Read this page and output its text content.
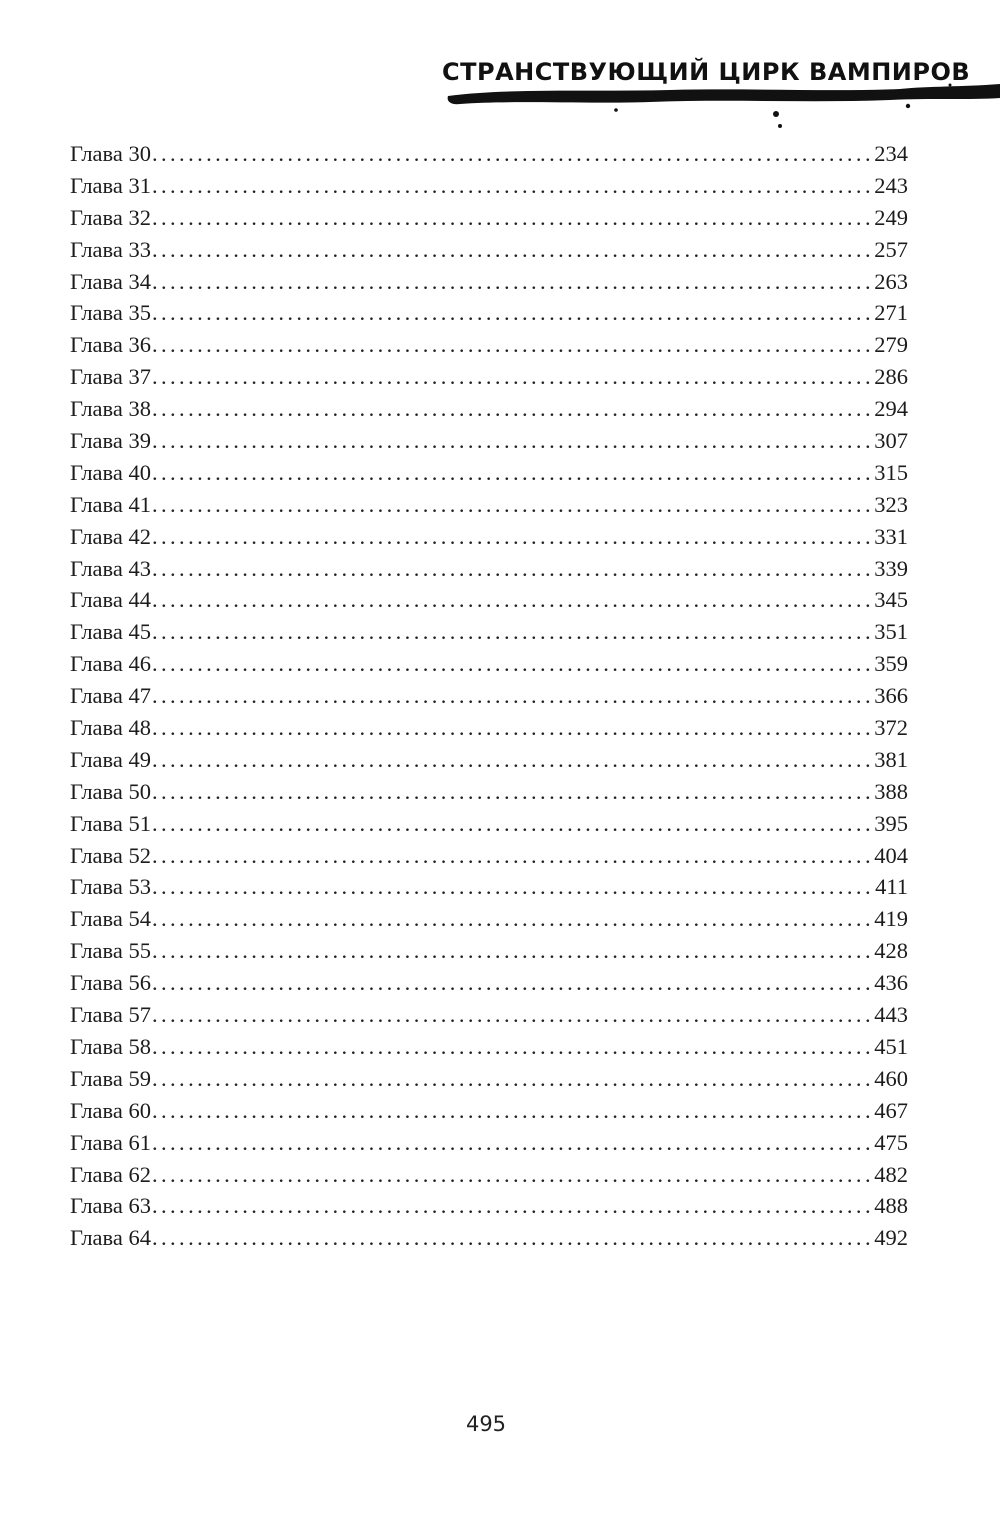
СТРАНСТВУЮЩИЙ ЦИРК ВАМПИРОВ
Глава 30 .....	234
Глава 31 .....	243
Глава 32 .....	249
Глава 33 .....	257
Глава 34 .....	263
Глава 35 .....	271
Глава 36 .....	279
Глава 37 .....	286
Глава 38 .....	294
Глава 39 .....	307
Глава 40 .....	315
Глава 41 .....	323
Глава 42 .....	331
Глава 43 .....	339
Глава 44 .....	345
Глава 45 .....	351
Глава 46 .....	359
Глава 47 .....	366
Глава 48 .....	372
Глава 49 .....	381
Глава 50 .....	388
Глава 51 .....	395
Глава 52 .....	404
Глава 53 .....	411
Глава 54 .....	419
Глава 55 .....	428
Глава 56 .....	436
Глава 57 .....	443
Глава 58 .....	451
Глава 59 .....	460
Глава 60 .....	467
Глава 61 .....	475
Глава 62 .....	482
Глава 63 .....	488
Глава 64 .....	492
495
